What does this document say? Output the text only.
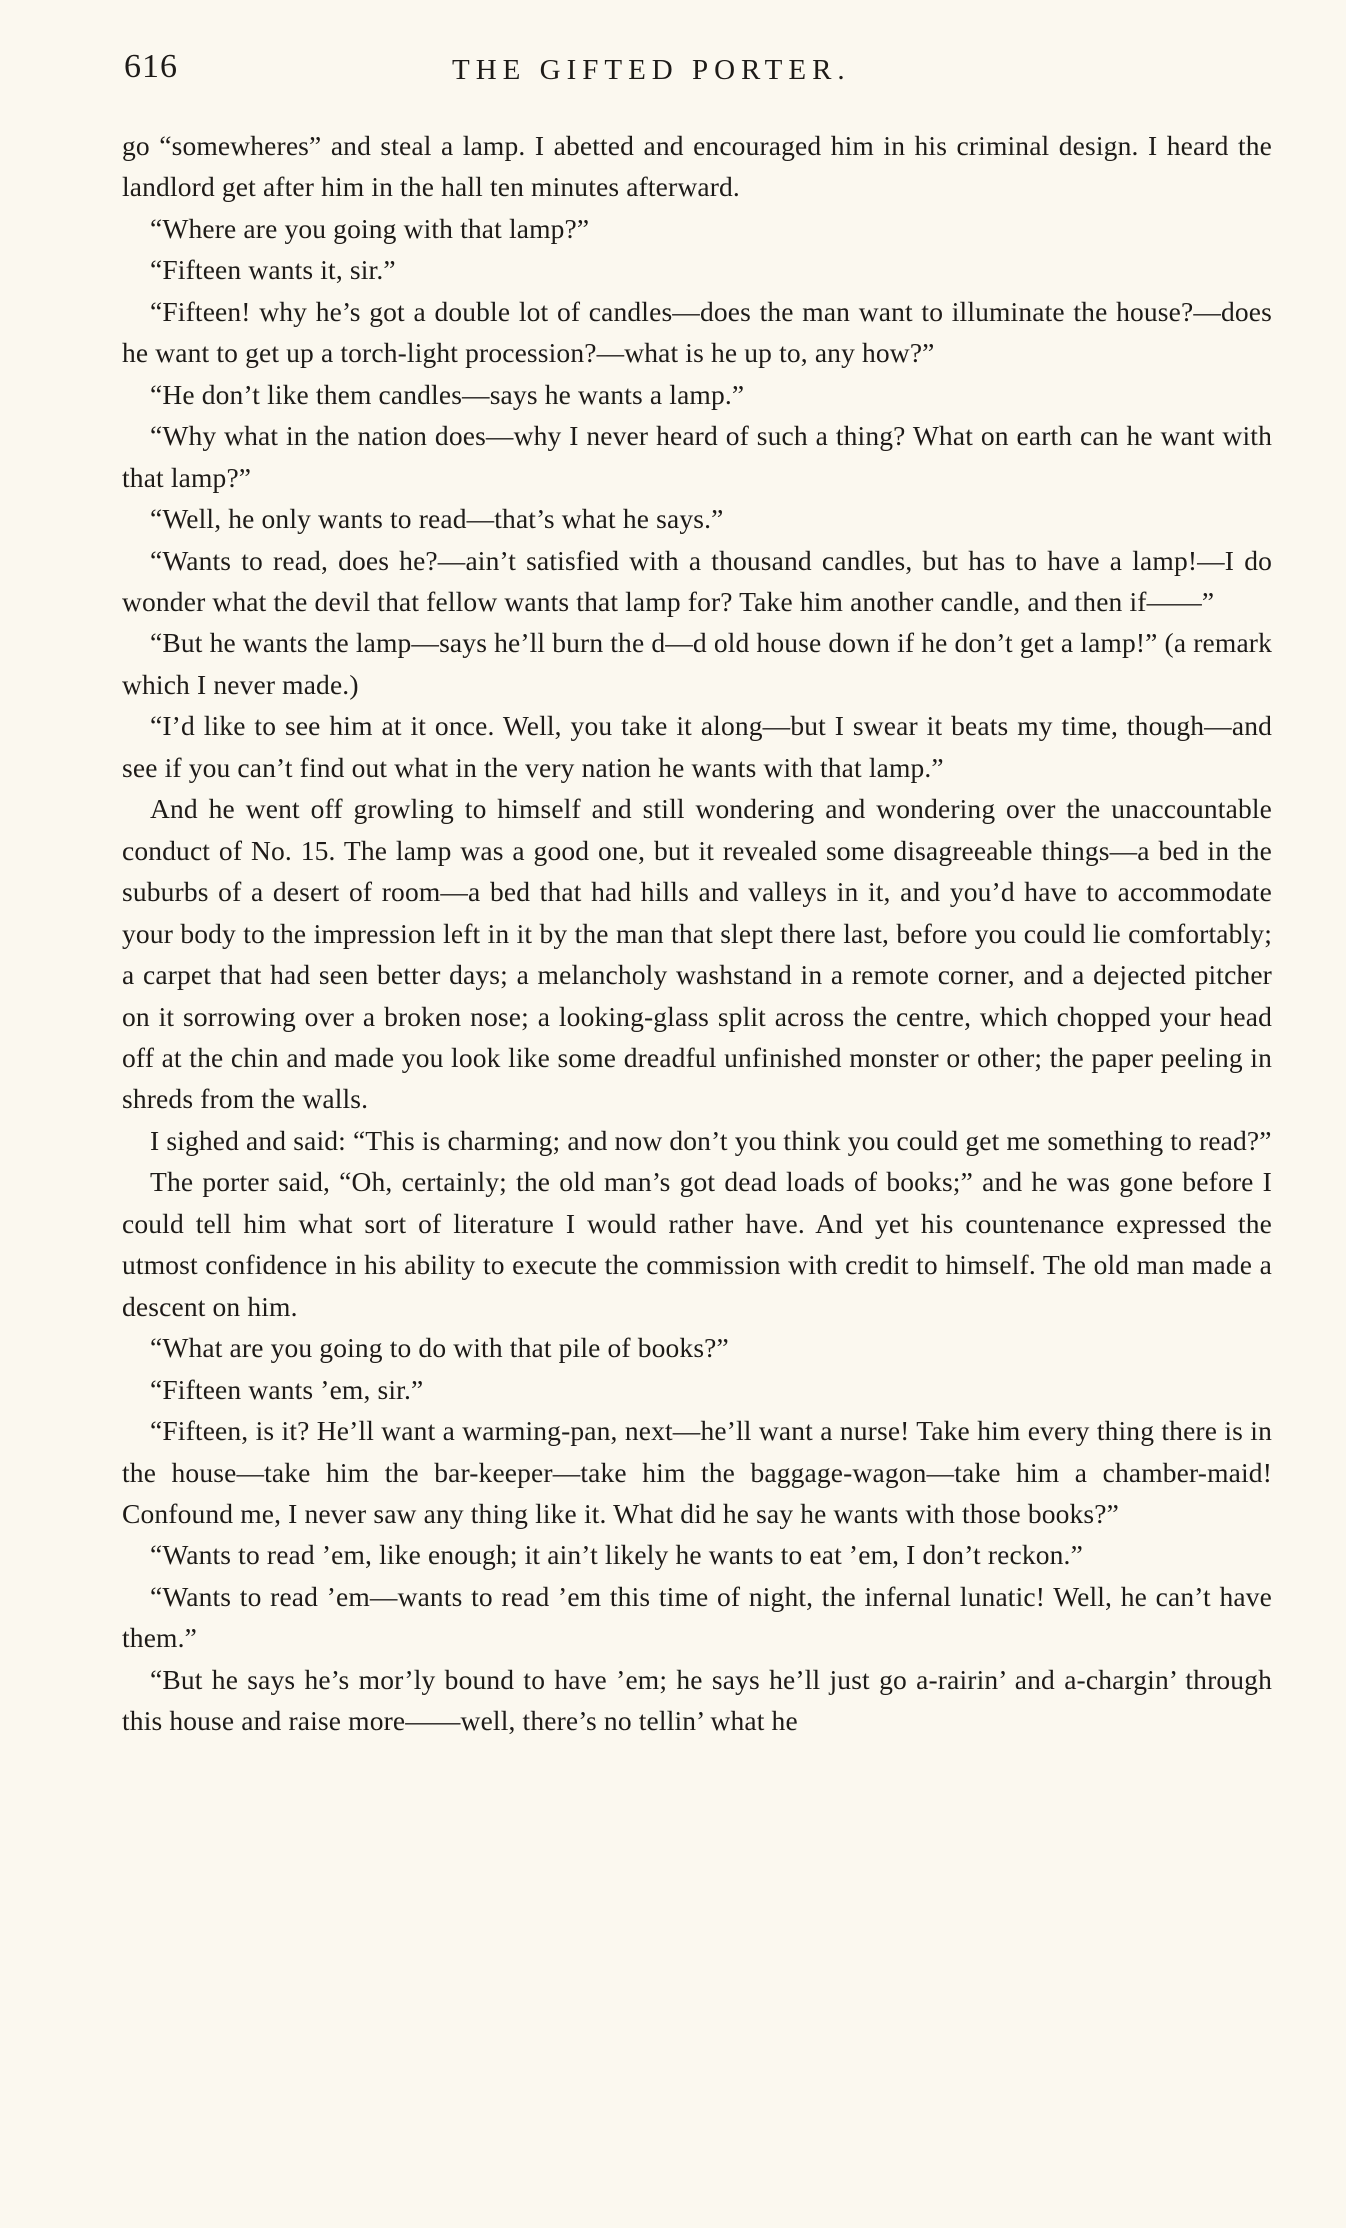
616	THE GIFTED PORTER.

go “somewheres” and steal a lamp. I abetted and encouraged him in his criminal design. I heard the landlord get after him in the hall ten minutes afterward.

“Where are you going with that lamp?”

“Fifteen wants it, sir.”

“Fifteen! why he’s got a double lot of candles—does the man want to illuminate the house?—does he want to get up a torch-light procession?—what is he up to, any how?”

“He don’t like them candles—says he wants a lamp.”

“Why what in the nation does—why I never heard of such a thing? What on earth can he want with that lamp?”

“Well, he only wants to read—that’s what he says.”

“Wants to read, does he?—ain’t satisfied with a thousand candles, but has to have a lamp!—I do wonder what the devil that fellow wants that lamp for? Take him another candle, and then if——”

“But he wants the lamp—says he’ll burn the d—d old house down if he don’t get a lamp!” (a remark which I never made.)

“I’d like to see him at it once. Well, you take it along—but I swear it beats my time, though—and see if you can’t find out what in the very nation he wants with that lamp.”

And he went off growling to himself and still wondering and wondering over the unaccountable conduct of No. 15. The lamp was a good one, but it revealed some disagreeable things—a bed in the suburbs of a desert of room—a bed that had hills and valleys in it, and you’d have to accommodate your body to the impression left in it by the man that slept there last, before you could lie comfortably; a carpet that had seen better days; a melancholy washstand in a remote corner, and a dejected pitcher on it sorrowing over a broken nose; a looking-glass split across the centre, which chopped your head off at the chin and made you look like some dreadful unfinished monster or other; the paper peeling in shreds from the walls.

I sighed and said: “This is charming; and now don’t you think you could get me something to read?”

The porter said, “Oh, certainly; the old man’s got dead loads of books;” and he was gone before I could tell him what sort of literature I would rather have. And yet his countenance expressed the utmost confidence in his ability to execute the commission with credit to himself. The old man made a descent on him.

“What are you going to do with that pile of books?”

“Fifteen wants ’em, sir.”

“Fifteen, is it? He’ll want a warming-pan, next—he’ll want a nurse! Take him every thing there is in the house—take him the bar-keeper—take him the baggage-wagon—take him a chamber-maid! Confound me, I never saw any thing like it. What did he say he wants with those books?”

“Wants to read ’em, like enough; it ain’t likely he wants to eat ’em, I don’t reckon.”

“Wants to read ’em—wants to read ’em this time of night, the infernal lunatic! Well, he can’t have them.”

“But he says he’s mor’ly bound to have ’em; he says he’ll just go a-rairin’ and a-chargin’ through this house and raise more——well, there’s no tellin’ what he
